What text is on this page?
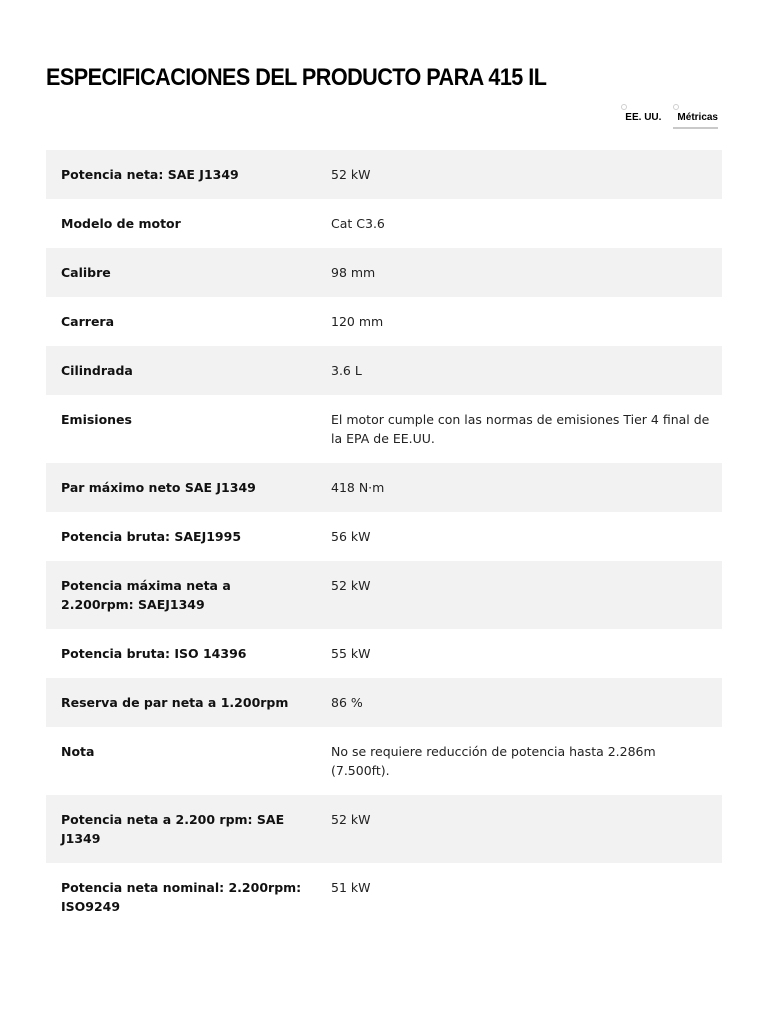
ESPECIFICACIONES DEL PRODUCTO PARA 415 IL
EE. UU.	Métricas
Potencia neta: SAE J1349	52 kW
Modelo de motor	Cat C3.6
Calibre	98 mm
Carrera	120 mm
Cilindrada	3.6 L
Emisiones	El motor cumple con las normas de emisiones Tier 4 final de la EPA de EE.UU.
Par máximo neto SAE J1349	418 N·m
Potencia bruta: SAEJ1995	56 kW
Potencia máxima neta a 2.200rpm: SAEJ1349	52 kW
Potencia bruta: ISO 14396	55 kW
Reserva de par neta a 1.200rpm	86 %
Nota	No se requiere reducción de potencia hasta 2.286m (7.500ft).
Potencia neta a 2.200 rpm: SAE J1349	52 kW
Potencia neta nominal: 2.200rpm: ISO9249	51 kW
